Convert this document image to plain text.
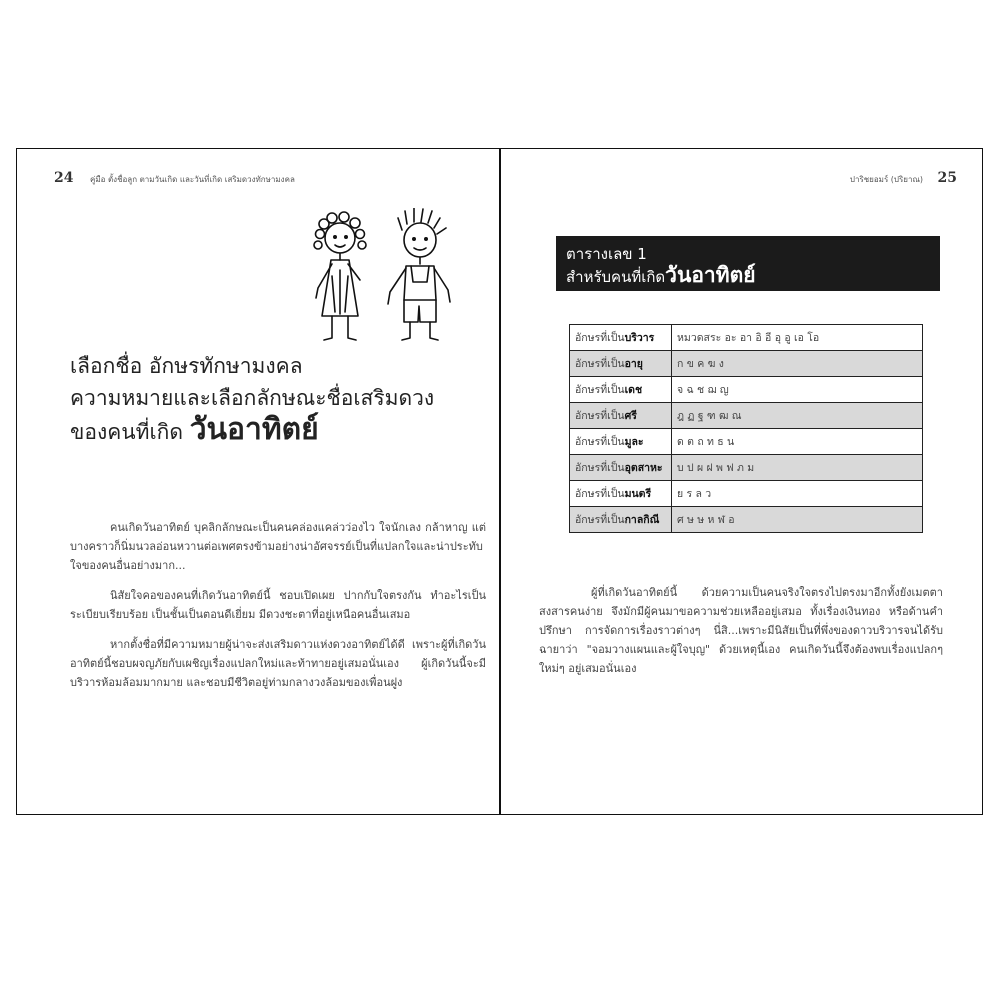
24 คู่มือ ตั้งชื่อลูก ตามวันเกิด และวันที่เกิด เสริมดวงทักษามงคล
เลือกชื่อ อักษรทักษามงคล
ความหมายและเลือกลักษณะชื่อเสริมดวง
ของคนที่เกิด วันอาทิตย์

คนเกิดวันอาทิตย์ บุคลิกลักษณะเป็นคนคล่องแคล่วว่องไว ใจนักเลง กล้าหาญ แต่บางคราวก็นิ่มนวลอ่อนหวานต่อเพศตรงข้ามอย่างน่าอัศจรรย์เป็นที่แปลกใจและน่าประทับใจของคนอื่นอย่างมาก...

นิสัยใจคอของคนที่เกิดวันอาทิตย์นี้ ชอบเปิดเผย ปากกับใจตรงกัน ทำอะไรเป็นระเบียบเรียบร้อย เป็นชั้นเป็นตอนดีเยี่ยม มีดวงชะตาที่อยู่เหนือคนอื่นเสมอ

หากตั้งชื่อที่มีความหมายผู้น่าจะส่งเสริมดาวแห่งดวงอาทิตย์ได้ดี เพราะผู้ที่เกิดวันอาทิตย์นี้ชอบผจญภัยกับเผชิญเรื่องแปลกใหม่และท้าทายอยู่เสมอนั่นเอง ผู้เกิดวันนี้จะมีบริวารห้อมล้อมมากมาย และชอบมีชีวิตอยู่ท่ามกลางวงล้อมของเพื่อนฝูง

ปาริชยอมร์ (ปริยาณ) 25
ตารางเลข 1
สำหรับคนที่เกิดวันอาทิตย์
อักษรที่เป็นบริวาร	หมวดสระ อะ อา อิ อี อุ อู เอ โอ
อักษรที่เป็นอายุ	ก ข ค ฆ ง
อักษรที่เป็นเดช	จ ฉ ช ฌ ญ
อักษรที่เป็นศรี	ฎ ฏ ฐ ฑ ฒ ณ
อักษรที่เป็นมูละ	ด ต ถ ท ธ น
อักษรที่เป็นอุตสาหะ	บ ป ผ ฝ พ ฟ ภ ม
อักษรที่เป็นมนตรี	ย ร ล ว
อักษรที่เป็นกาลกิณี	ศ ษ ษ ห ฬ อ

ผู้ที่เกิดวันอาทิตย์นี้ ด้วยความเป็นคนจริงใจตรงไปตรงมาอีกทั้งยังเมตตาสงสารคนง่าย จึงมักมีผู้คนมาขอความช่วยเหลืออยู่เสมอ ทั้งเรื่องเงินทอง หรือด้านคำปรึกษา การจัดการเรื่องราวต่างๆ นี่สิ...เพราะมีนิสัยเป็นที่พึ่งของดาวบริวารจนได้รับฉายาว่า "จอมวางแผนและผู้ใจบุญ" ด้วยเหตุนี้เอง คนเกิดวันนี้จึงต้องพบเรื่องแปลกๆ ใหม่ๆ อยู่เสมอนั่นเอง
